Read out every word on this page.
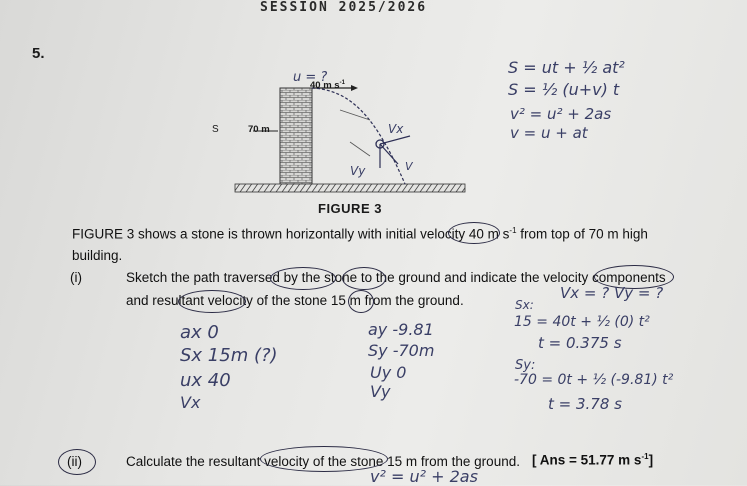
SESSION 2025/2026
5.
40 m $s^{-1}$
70 m
S
u = ?
Vx
Vy	V
FIGURE 3
S = ut + ½ at²
S = ½ (u+v) t
v² = u² + 2as
v = u + at
FIGURE 3 shows a stone is thrown horizontally with initial velocity 40 m $s^{-1}$ from top of 70 m high
building.
(i)	Sketch the path traversed by the stone to the ground and indicate the velocity components
and resultant velocity of the stone 15 m from the ground.	Vx = ? Vy = ?
ax 0
Sx 15m (?)
ux 40
Vx
ay -9.81
Sy -70m
Uy 0
Vy
Sx:
15 = 40t + ½ (0) t²
t = 0.375 s
Sy:
-70 = 0t + ½ (-9.81) t²
t = 3.78 s
(ii)	Calculate the resultant velocity of the stone 15 m from the ground. [ Ans = 51.77 m $s^{-1}$]
v² = u² + 2as
